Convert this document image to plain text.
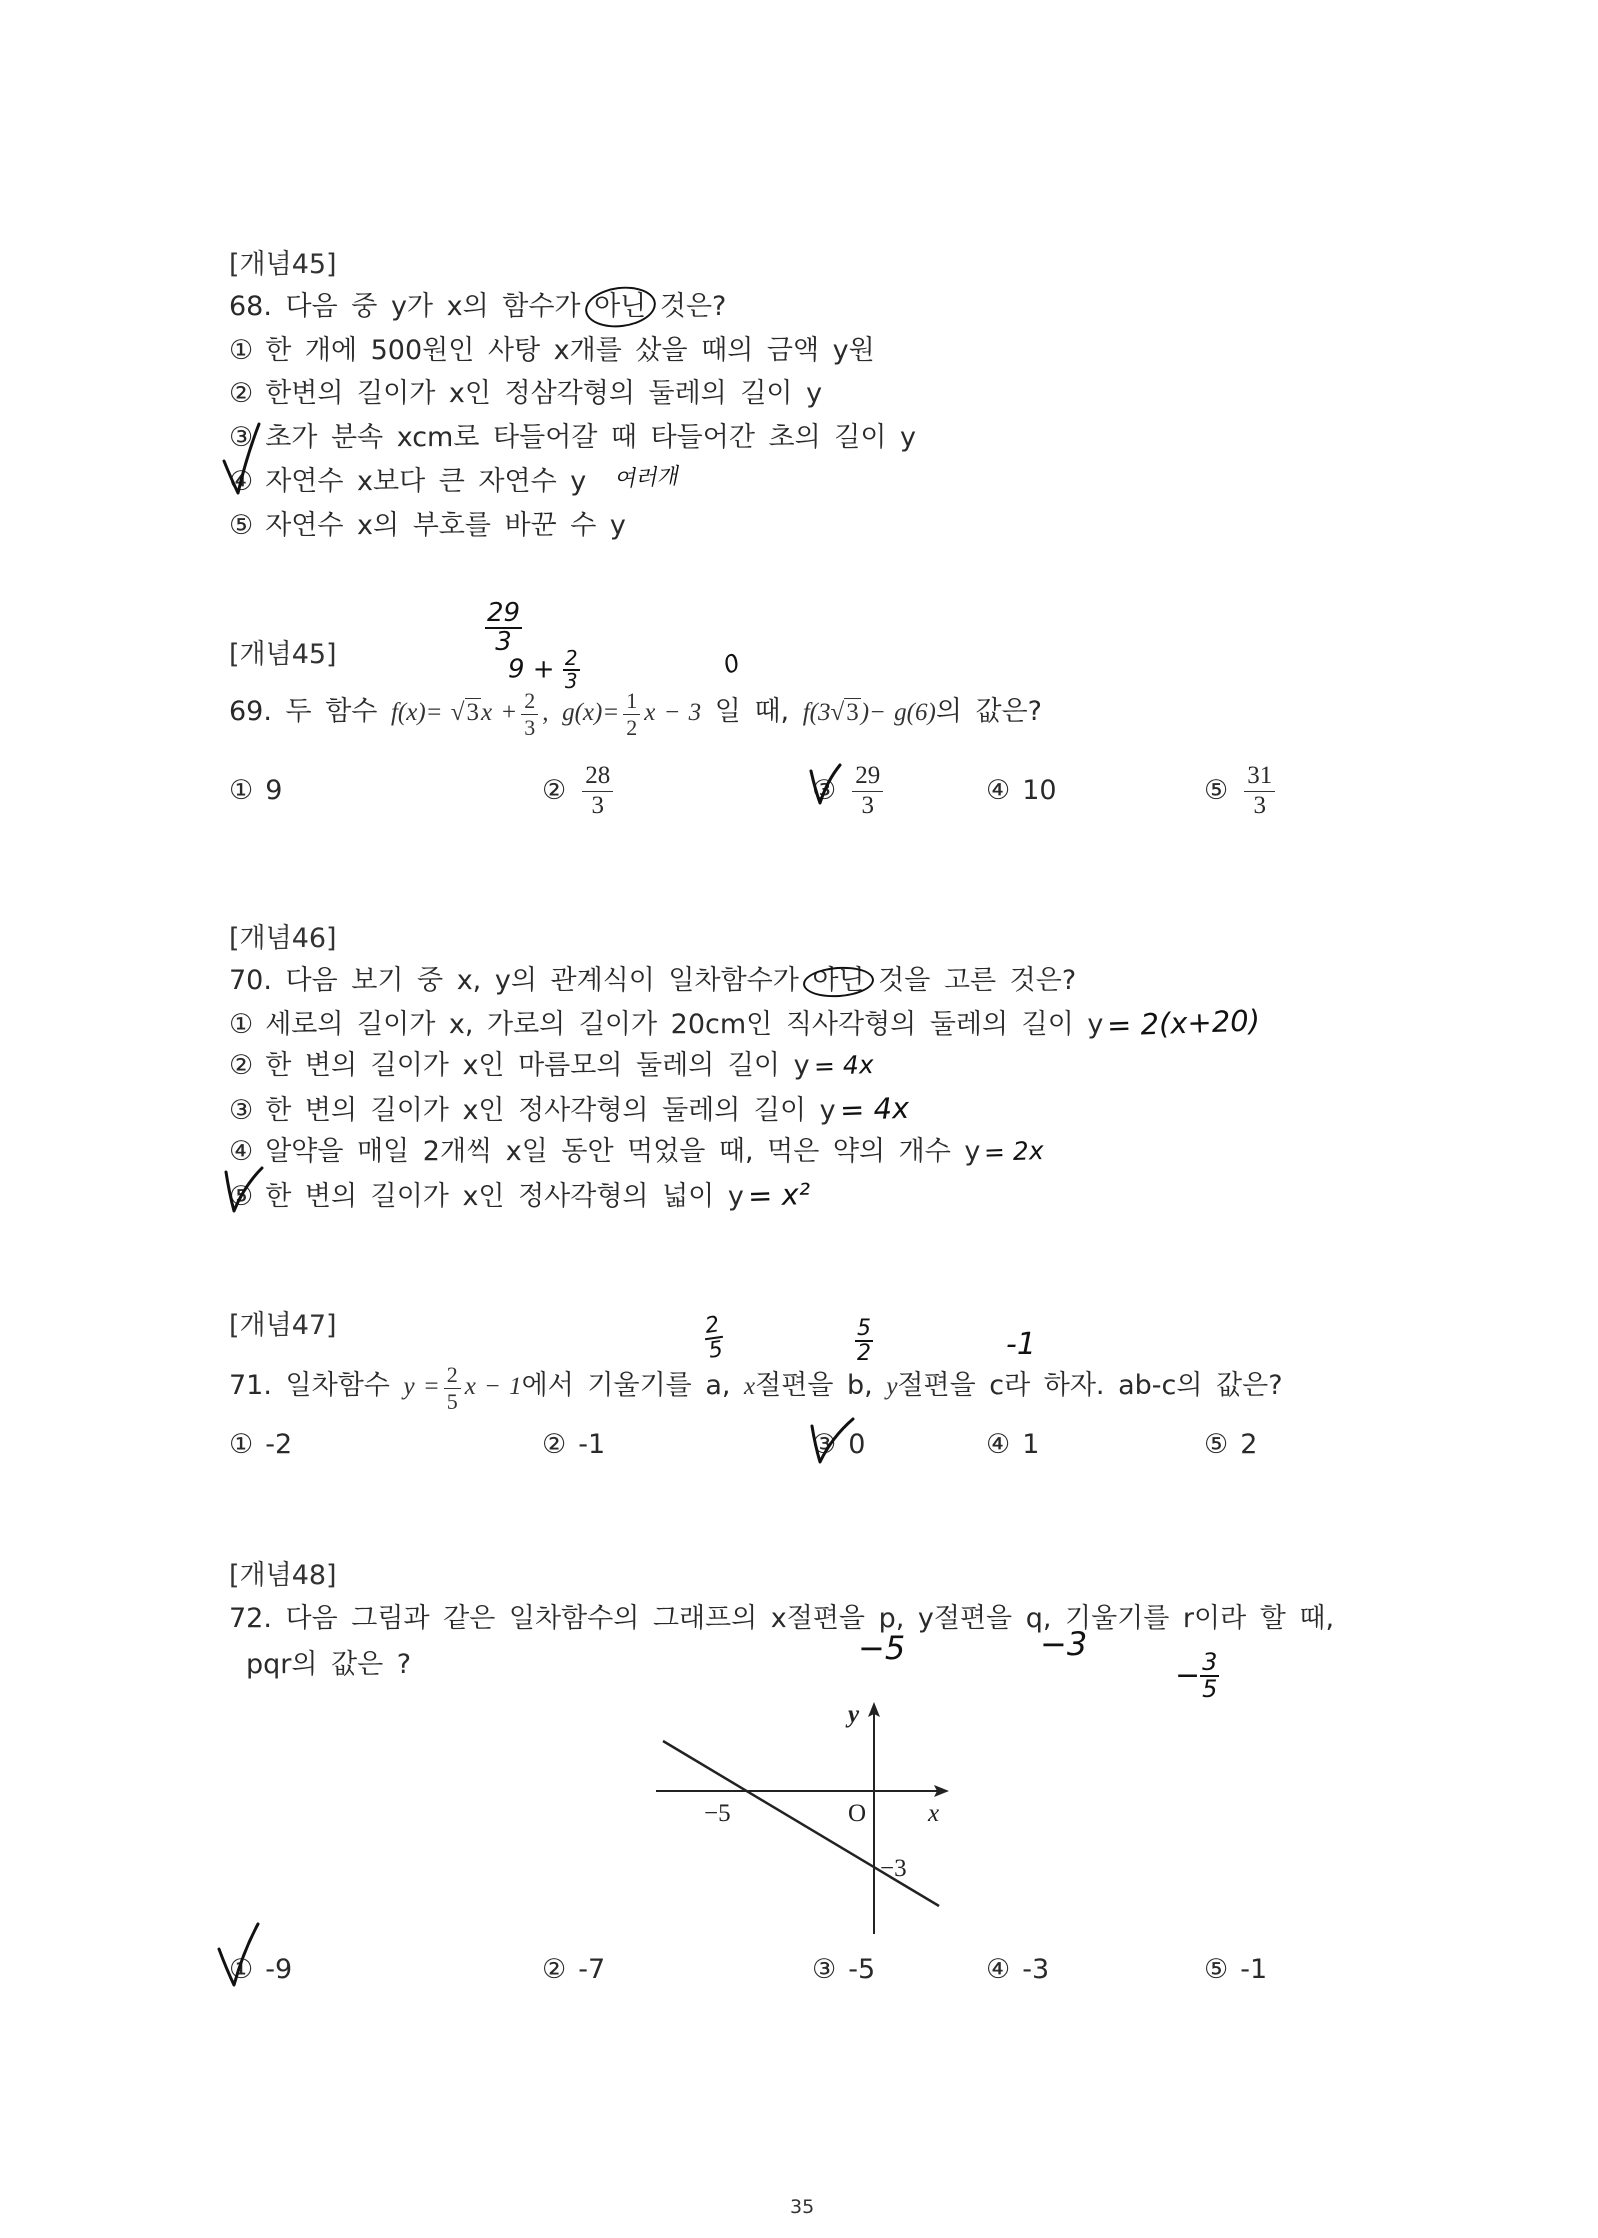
[개념45]
68. 다음 중 y가 x의 함수가 아닌 것은?
① 한 개에 500원인 사탕 x개를 샀을 때의 금액 y원
② 한변의 길이가 x인 정삼각형의 둘레의 길이 y
③ 초가 분속 xcm로 타들어갈 때 타들어간 초의 길이 y
④ 자연수 x보다 큰 자연수 y 여러개
⑤ 자연수 x의 부호를 바꾼 수 y
[개념45]	$\frac{29}{3}$
$9 + \frac{2}{3}$	0
69. 두 함수 $f(x)= √3x + \frac{2}{3}$ , $g(x)= \frac{1}{2}$ x − 3 일 때, f(3√3)− g(6)의 값은?
① 9	② $\frac{28}{3}$	③ $\frac{29}{3}$	④ 10	⑤ $\frac{31}{3}$
[개념46]
70. 다음 보기 중 x, y의 관계식이 일차함수가 아닌 것을 고른 것은?
① 세로의 길이가 x, 가로의 길이가 20cm인 직사각형의 둘레의 길이 y = 2(x+20)
② 한 변의 길이가 x인 마름모의 둘레의 길이 y = 4x
③ 한 변의 길이가 x인 정사각형의 둘레의 길이 y = 4x
④ 알약을 매일 2개씩 x일 동안 먹었을 때, 먹은 약의 개수 y = 2x
⑤ 한 변의 길이가 x인 정사각형의 넓이 y = x²
[개념47]	$\frac{2}{5}$	$\frac{5}{2}$	-1
71. 일차함수 $y = \frac{2}{5}$ x − 1에서 기울기를 a, x절편을 b, y절편을 c라 하자. ab-c의 값은?
① -2	② -1	③ 0	④ 1	⑤ 2
[개념48]
72. 다음 그림과 같은 일차함수의 그래프의 x절편을 p, y절편을 q, 기울기를 r이라 할 때,
pqr의 값은 ?	−5	−3
− $\frac{3}{5}$
y
x
O
−5
−3
① -9	② -7	③ -5	④ -3	⑤ -1
35
